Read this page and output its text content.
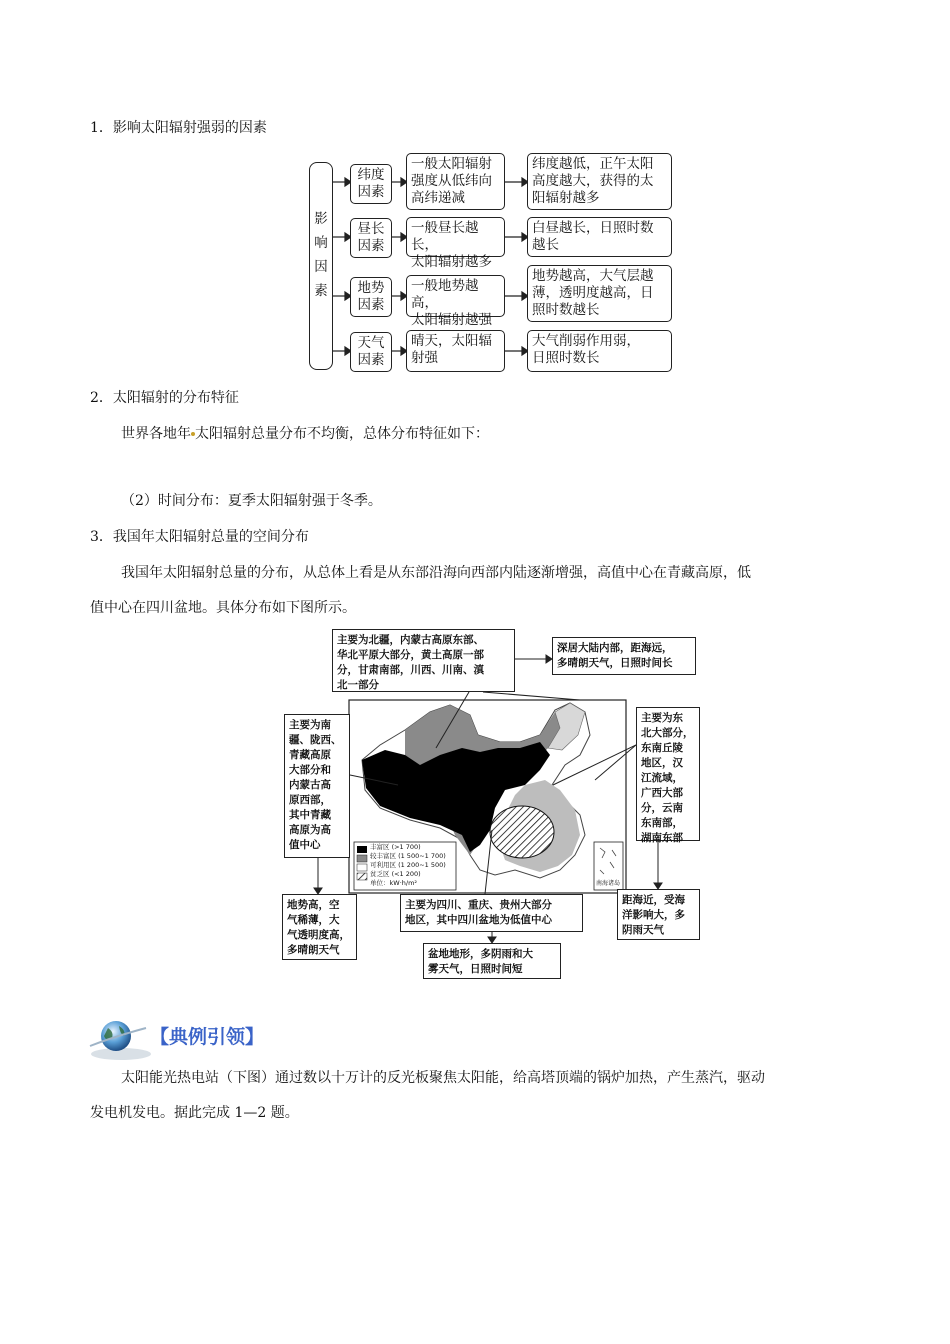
1．影响太阳辐射强弱的因素
影
响
因
素
纬度
因素
一般太阳辐射
强度从低纬向
高纬递减
纬度越低，正午太阳
高度越大，获得的太
阳辐射越多
昼长
因素
一般昼长越长，
太阳辐射越多
白昼越长，日照时数
越长
地势
因素
一般地势越高，
太阳辐射越强
地势越高，大气层越
薄，透明度越高，日
照时数越长
天气
因素
晴天，太阳辐
射强
大气削弱作用弱，
日照时数长
2．太阳辐射的分布特征
世界各地年 太阳辐射总量分布不均衡，总体分布特征如下：
（2）时间分布：夏季太阳辐射强于冬季。
3．我国年太阳辐射总量的空间分布
我国年太阳辐射总量的分布，从总体上看是从东部沿海向西部内陆逐渐增强，高值中心在青藏高原，低
值中心在四川盆地。具体分布如下图所示。
丰富区 (>1 700)
较丰富区 (1 500~1 700)
可利用区 (1 200~1 500)
贫乏区 (<1 200)
单位：kW·h/m²	南海诸岛
主要为北疆，内蒙古高原东部、
华北平原大部分，黄土高原一部
分，甘肃南部，川西、川南、滇
北一部分
深居大陆内部，距海远，
多晴朗天气，日照时间长
主要为南
疆、陇西、
青藏高原
大部分和
内蒙古高
原西部，
其中青藏
高原为高
值中心
地势高，空
气稀薄，大
气透明度高，
多晴朗天气
主要为东
北大部分，
东南丘陵
地区，汉
江流域，
广西大部
分，云南
东南部，
湖南东部
距海近，受海
洋影响大，多
阴雨天气
主要为四川、重庆、贵州大部分
地区，其中四川盆地为低值中心
盆地地形，多阴雨和大
雾天气，日照时间短
【典例引领】
太阳能光热电站（下图）通过数以十万计的反光板聚焦太阳能，给高塔顶端的锅炉加热，产生蒸汽，驱动
发电机发电。据此完成 1—2 题。
